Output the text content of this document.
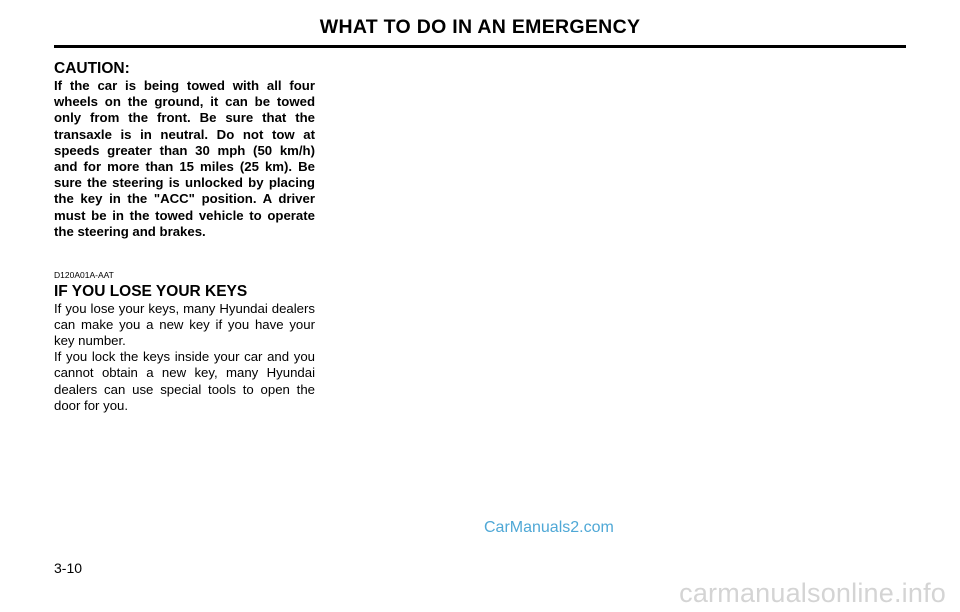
WHAT TO DO IN AN EMERGENCY

CAUTION:

If the car is being towed with all four wheels on the ground, it can be towed only from the front. Be sure that the transaxle is in neutral. Do not tow at speeds greater than 30 mph (50 km/h) and for more than 15 miles (25 km). Be sure the steering is unlocked by placing the key in the "ACC" position. A driver must be in the towed vehicle to operate the steering and brakes.

D120A01A-AAT
IF YOU LOSE YOUR KEYS

If you lose your keys, many Hyundai dealers can make you a new key if you have your key number.

If you lock the keys inside your car and you cannot obtain a new key, many Hyundai dealers can use special tools to open the door for you.

3-10
CarManuals2.com
carmanualsonline.info
